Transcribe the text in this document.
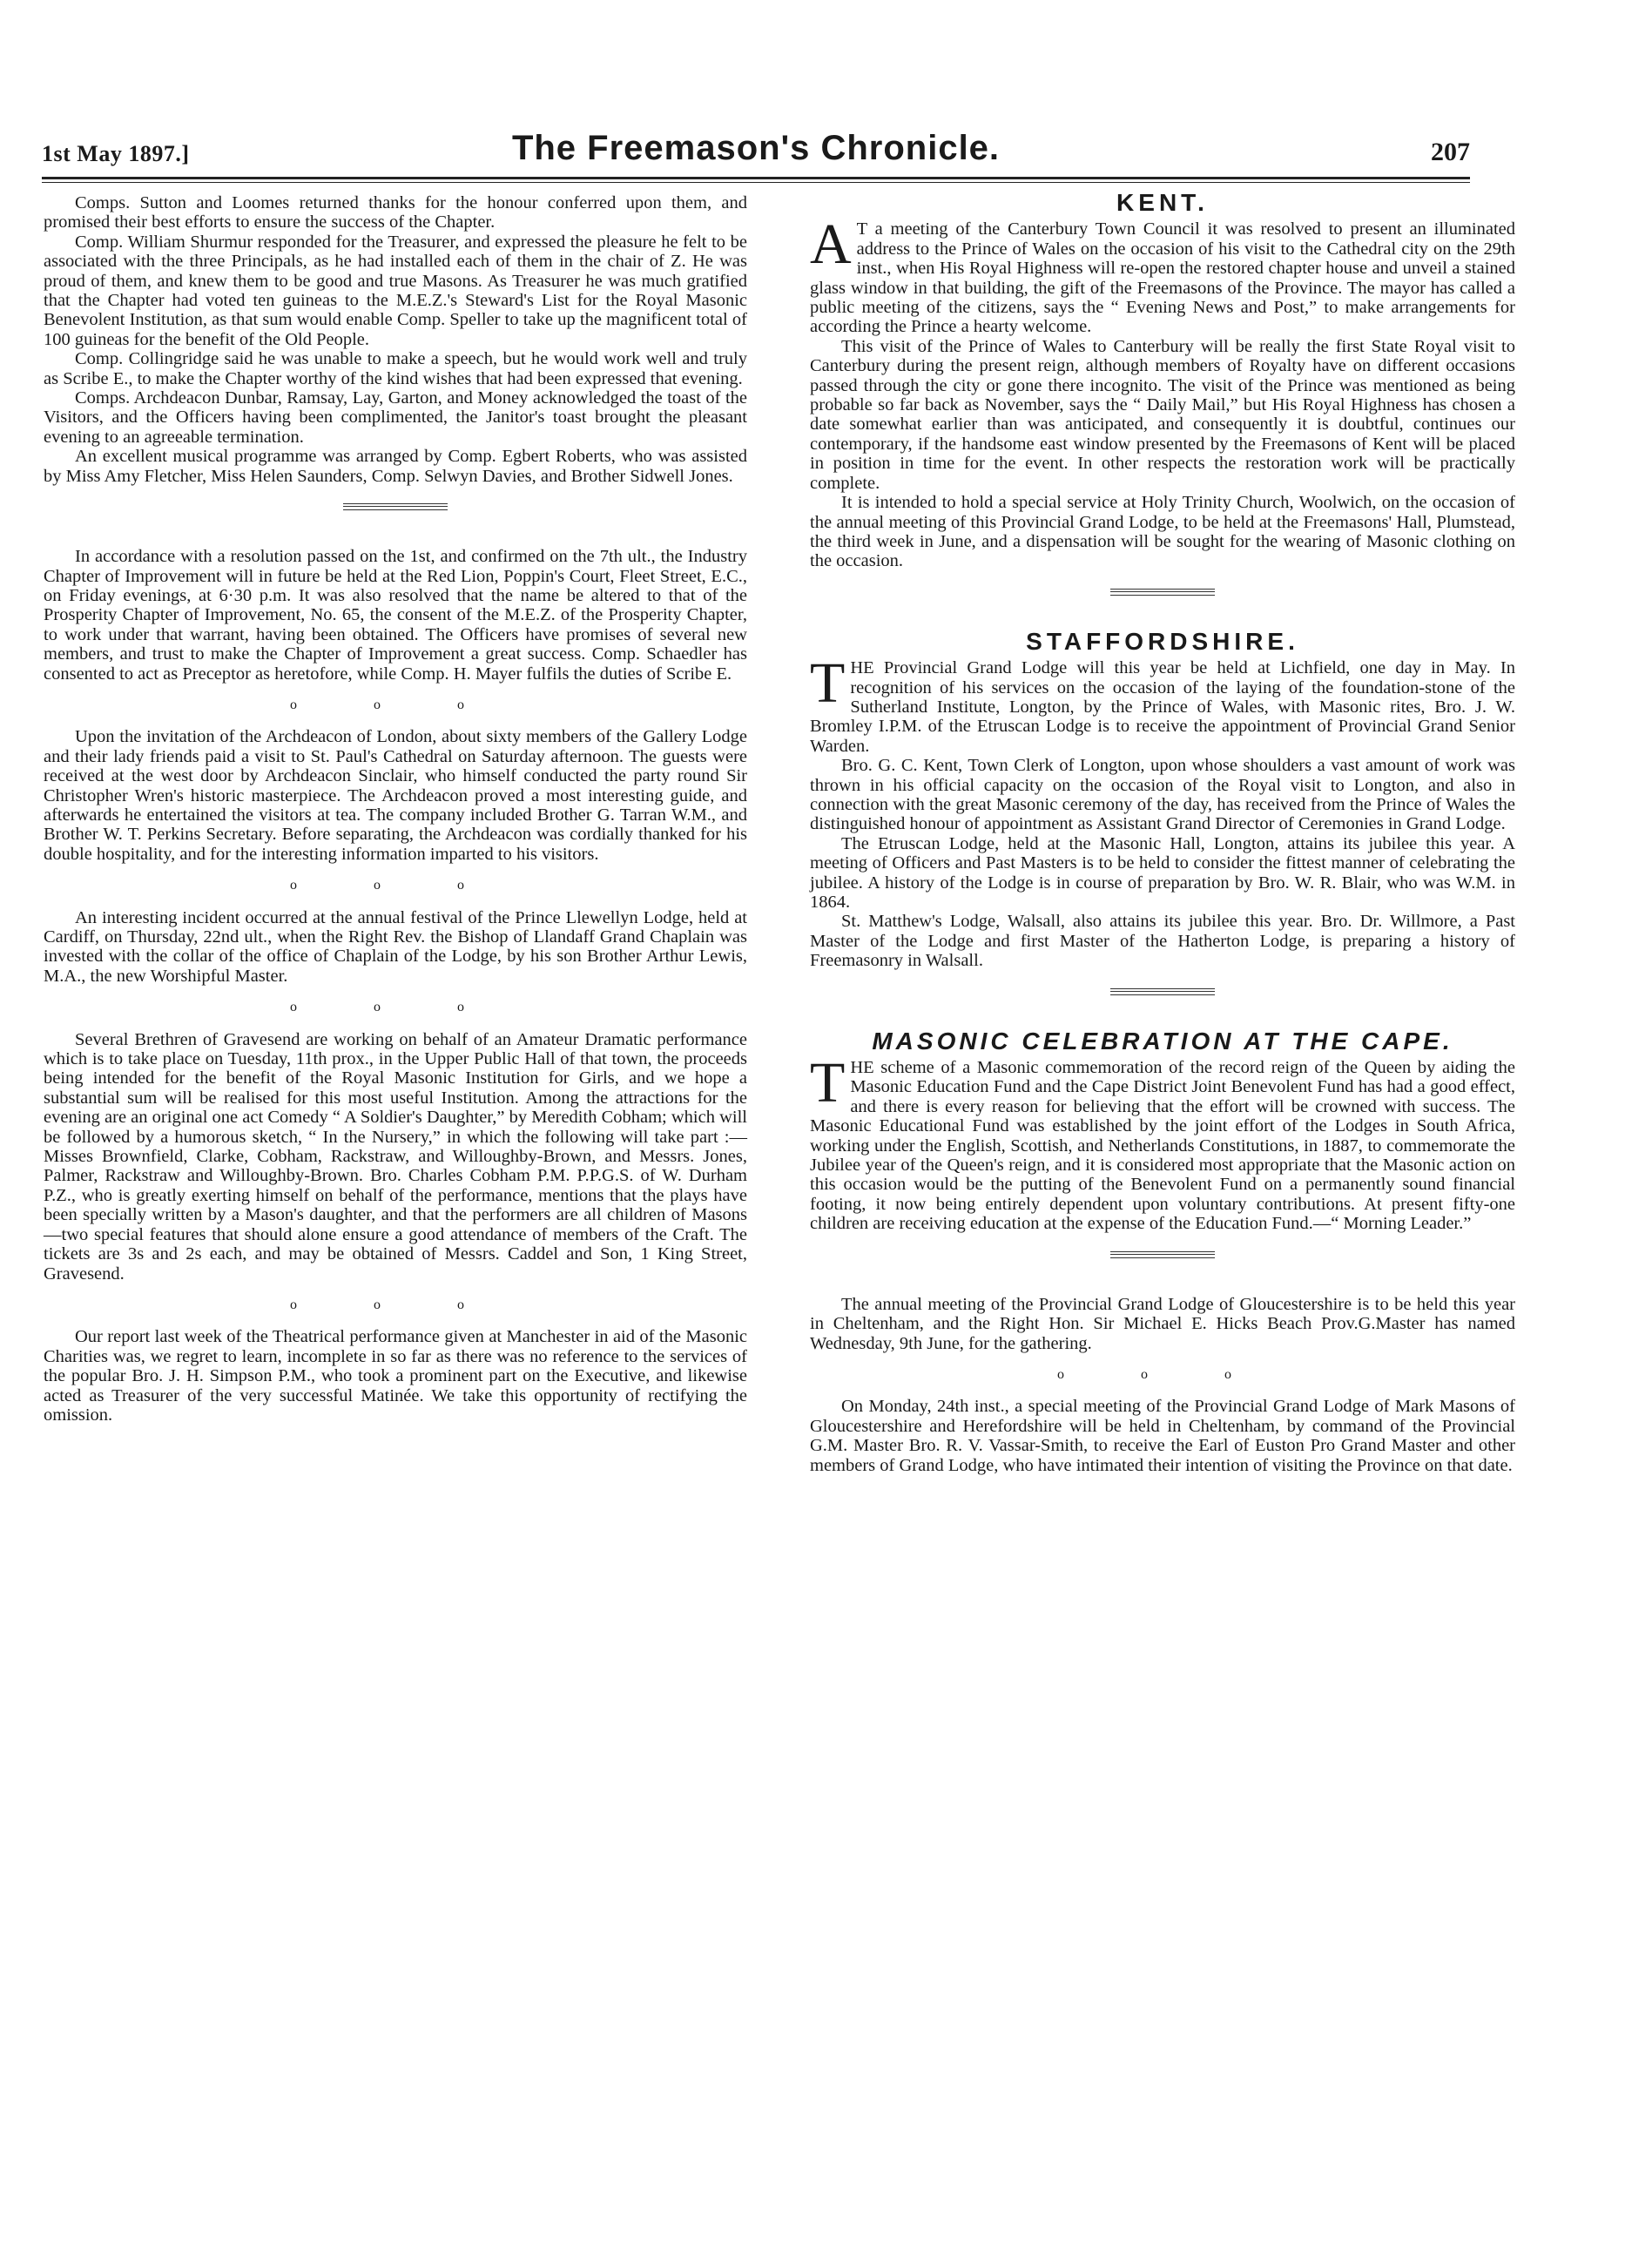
1st May 1897.]	The Freemason's Chronicle.	207

Comps. Sutton and Loomes returned thanks for the honour conferred upon them, and promised their best efforts to ensure the success of the Chapter.

Comp. William Shurmur responded for the Treasurer, and expressed the pleasure he felt to be associated with the three Principals, as he had installed each of them in the chair of Z. He was proud of them, and knew them to be good and true Masons. As Treasurer he was much gratified that the Chapter had voted ten guineas to the M.E.Z.'s Steward's List for the Royal Masonic Benevolent Institution, as that sum would enable Comp. Speller to take up the magnificent total of 100 guineas for the benefit of the Old People.

Comp. Collingridge said he was unable to make a speech, but he would work well and truly as Scribe E., to make the Chapter worthy of the kind wishes that had been expressed that evening.

Comps. Archdeacon Dunbar, Ramsay, Lay, Garton, and Money acknowledged the toast of the Visitors, and the Officers having been complimented, the Janitor's toast brought the pleasant evening to an agreeable termination.

An excellent musical programme was arranged by Comp. Egbert Roberts, who was assisted by Miss Amy Fletcher, Miss Helen Saunders, Comp. Selwyn Davies, and Brother Sidwell Jones.

In accordance with a resolution passed on the 1st, and confirmed on the 7th ult., the Industry Chapter of Improvement will in future be held at the Red Lion, Poppin's Court, Fleet Street, E.C., on Friday evenings, at 6·30 p.m. It was also resolved that the name be altered to that of the Prosperity Chapter of Improvement, No. 65, the consent of the M.E.Z. of the Prosperity Chapter, to work under that warrant, having been obtained. The Officers have promises of several new members, and trust to make the Chapter of Improvement a great success. Comp. Schaedler has consented to act as Preceptor as heretofore, while Comp. H. Mayer fulfils the duties of Scribe E.

o o o

Upon the invitation of the Archdeacon of London, about sixty members of the Gallery Lodge and their lady friends paid a visit to St. Paul's Cathedral on Saturday afternoon. The guests were received at the west door by Archdeacon Sinclair, who himself conducted the party round Sir Christopher Wren's historic masterpiece. The Archdeacon proved a most interesting guide, and afterwards he entertained the visitors at tea. The company included Brother G. Tarran W.M., and Brother W. T. Perkins Secretary. Before separating, the Archdeacon was cordially thanked for his double hospitality, and for the interesting information imparted to his visitors.

o o o

An interesting incident occurred at the annual festival of the Prince Llewellyn Lodge, held at Cardiff, on Thursday, 22nd ult., when the Right Rev. the Bishop of Llandaff Grand Chaplain was invested with the collar of the office of Chaplain of the Lodge, by his son Brother Arthur Lewis, M.A., the new Worshipful Master.

o o o

Several Brethren of Gravesend are working on behalf of an Amateur Dramatic performance which is to take place on Tuesday, 11th prox., in the Upper Public Hall of that town, the proceeds being intended for the benefit of the Royal Masonic Institution for Girls, and we hope a substantial sum will be realised for this most useful Institution. Among the attractions for the evening are an original one act Comedy “ A Soldier's Daughter,” by Meredith Cobham; which will be followed by a humorous sketch, “ In the Nursery,” in which the following will take part :—Misses Brownfield, Clarke, Cobham, Rackstraw, and Willoughby-Brown, and Messrs. Jones, Palmer, Rackstraw and Willoughby-Brown. Bro. Charles Cobham P.M. P.P.G.S. of W. Durham P.Z., who is greatly exerting himself on behalf of the performance, mentions that the plays have been specially written by a Mason's daughter, and that the performers are all children of Masons—two special features that should alone ensure a good attendance of members of the Craft. The tickets are 3s and 2s each, and may be obtained of Messrs. Caddel and Son, 1 King Street, Gravesend.

o o o

Our report last week of the Theatrical performance given at Manchester in aid of the Masonic Charities was, we regret to learn, incomplete in so far as there was no reference to the services of the popular Bro. J. H. Simpson P.M., who took a prominent part on the Executive, and likewise acted as Treasurer of the very successful Matinée. We take this opportunity of rectifying the omission.

KENT.

A T a meeting of the Canterbury Town Council it was resolved to present an illuminated address to the Prince of Wales on the occasion of his visit to the Cathedral city on the 29th inst., when His Royal Highness will re-open the restored chapter house and unveil a stained glass window in that building, the gift of the Freemasons of the Province. The mayor has called a public meeting of the citizens, says the “ Evening News and Post,” to make arrangements for according the Prince a hearty welcome.

This visit of the Prince of Wales to Canterbury will be really the first State Royal visit to Canterbury during the present reign, although members of Royalty have on different occasions passed through the city or gone there incognito. The visit of the Prince was mentioned as being probable so far back as November, says the “ Daily Mail,” but His Royal Highness has chosen a date somewhat earlier than was anticipated, and consequently it is doubtful, continues our contemporary, if the handsome east window presented by the Freemasons of Kent will be placed in position in time for the event. In other respects the restoration work will be practically complete.

It is intended to hold a special service at Holy Trinity Church, Woolwich, on the occasion of the annual meeting of this Provincial Grand Lodge, to be held at the Freemasons' Hall, Plumstead, the third week in June, and a dispensation will be sought for the wearing of Masonic clothing on the occasion.

STAFFORDSHIRE.

THE Provincial Grand Lodge will this year be held at Lichfield, one day in May. In recognition of his services on the occasion of the laying of the foundation-stone of the Sutherland Institute, Longton, by the Prince of Wales, with Masonic rites, Bro. J. W. Bromley I.P.M. of the Etruscan Lodge is to receive the appointment of Provincial Grand Senior Warden.

Bro. G. C. Kent, Town Clerk of Longton, upon whose shoulders a vast amount of work was thrown in his official capacity on the occasion of the Royal visit to Longton, and also in connection with the great Masonic ceremony of the day, has received from the Prince of Wales the distinguished honour of appointment as Assistant Grand Director of Ceremonies in Grand Lodge.

The Etruscan Lodge, held at the Masonic Hall, Longton, attains its jubilee this year. A meeting of Officers and Past Masters is to be held to consider the fittest manner of celebrating the jubilee. A history of the Lodge is in course of preparation by Bro. W. R. Blair, who was W.M. in 1864.

St. Matthew's Lodge, Walsall, also attains its jubilee this year. Bro. Dr. Willmore, a Past Master of the Lodge and first Master of the Hatherton Lodge, is preparing a history of Freemasonry in Walsall.

MASONIC CELEBRATION AT THE CAPE.

THE scheme of a Masonic commemoration of the record reign of the Queen by aiding the Masonic Education Fund and the Cape District Joint Benevolent Fund has had a good effect, and there is every reason for believing that the effort will be crowned with success. The Masonic Educational Fund was established by the joint effort of the Lodges in South Africa, working under the English, Scottish, and Netherlands Constitutions, in 1887, to commemorate the Jubilee year of the Queen's reign, and it is considered most appropriate that the Masonic action on this occasion would be the putting of the Benevolent Fund on a permanently sound financial footing, it now being entirely dependent upon voluntary contributions. At present fifty-one children are receiving education at the expense of the Education Fund.—“ Morning Leader.”

The annual meeting of the Provincial Grand Lodge of Gloucestershire is to be held this year in Cheltenham, and the Right Hon. Sir Michael E. Hicks Beach Prov.G.Master has named Wednesday, 9th June, for the gathering.

o o o

On Monday, 24th inst., a special meeting of the Provincial Grand Lodge of Mark Masons of Gloucestershire and Herefordshire will be held in Cheltenham, by command of the Provincial G.M. Master Bro. R. V. Vassar-Smith, to receive the Earl of Euston Pro Grand Master and other members of Grand Lodge, who have intimated their intention of visiting the Province on that date.
